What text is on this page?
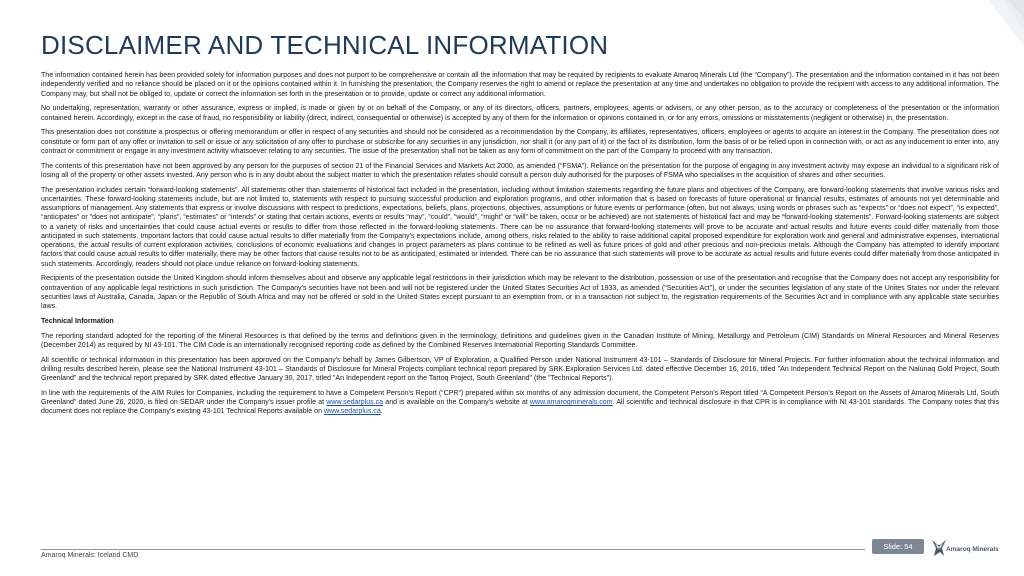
DISCLAIMER AND TECHNICAL INFORMATION

The information contained herein has been provided solely for information purposes and does not purport to be comprehensive or contain all the information that may be required by recipients to evaluate Amaroq Minerals Ltd (the “Company”). The presentation and the information contained in it has not been independently verified and no reliance should be placed on it or the opinions contained within it. In furnishing the presentation, the Company reserves the right to amend or replace the presentation at any time and undertakes no obligation to provide the recipient with access to any additional information. The Company may, but shall not be obliged to, update or correct the information set forth in the presentation or to provide, update or correct any additional information.

No undertaking, representation, warranty or other assurance, express or implied, is made or given by or on behalf of the Company, or any of its directors, officers, partners, employees, agents or advisers, or any other person, as to the accuracy or completeness of the presentation or the information contained herein. Accordingly, except in the case of fraud, no responsibility or liability (direct, indirect, consequential or otherwise) is accepted by any of them for the information or opinions contained in, or for any errors, omissions or misstatements (negligent or otherwise) in, the presentation.

This presentation does not constitute a prospectus or offering memorandum or offer in respect of any securities and should not be considered as a recommendation by the Company, its affiliates, representatives, officers, employees or agents to acquire an interest in the Company. The presentation does not constitute or form part of any offer or invitation to sell or issue or any solicitation of any offer to purchase or subscribe for any securities in any jurisdiction, nor shall it (or any part of it) or the fact of its distribution, form the basis of or be relied upon in connection with, or act as any inducement to enter into, any contract or commitment or engage in any investment activity whatsoever relating to any securities. The issue of the presentation shall not be taken as any form of commitment on the part of the Company to proceed with any transaction.

The contents of this presentation have not been approved by any person for the purposes of section 21 of the Financial Services and Markets Act 2000, as amended (“FSMA”). Reliance on the presentation for the purpose of engaging in any investment activity may expose an individual to a significant risk of losing all of the property or other assets invested. Any person who is in any doubt about the subject matter to which the presentation relates should consult a person duly authorised for the purposes of FSMA who specialises in the acquisition of shares and other securities.

The presentation includes certain “forward-looking statements”. All statements other than statements of historical fact included in the presentation, including without limitation statements regarding the future plans and objectives of the Company, are forward-looking statements that involve various risks and uncertainties. These forward-looking statements include, but are not limited to, statements with respect to pursuing successful production and exploration programs, and other information that is based on forecasts of future operational or financial results, estimates of amounts not yet determinable and assumptions of management. Any statements that express or involve discussions with respect to predictions, expectations, beliefs, plans, projections, objectives, assumptions or future events or performance (often, but not always, using words or phrases such as “expects” or “does not expect”, “is expected”, “anticipates” or “does not anticipate”, “plans”, “estimates” or “intends” or stating that certain actions, events or results “may”, “could”, “would”, “might” or “will” be taken, occur or be achieved) are not statements of historical fact and may be “forward-looking statements”. Forward-looking statements are subject to a variety of risks and uncertainties that could cause actual events or results to differ from those reflected in the forward-looking statements. There can be no assurance that forward-looking statements will prove to be accurate and actual results and future events could differ materially from those anticipated in such statements. Important factors that could cause actual results to differ materially from the Company’s expectations include, among others, risks related to the ability to raise additional capital proposed expenditure for exploration work and general and administrative expenses, international operations, the actual results of current exploration activities, conclusions of economic evaluations and changes in project parameters as plans continue to be refined as well as future prices of gold and other precious and non-precious metals. Although the Company has attempted to identify important factors that could cause actual results to differ materially, there may be other factors that cause results not to be as anticipated, estimated or intended. There can be no assurance that such statements will prove to be accurate as actual results and future events could differ materially from those anticipated in such statements. Accordingly, readers should not place undue reliance on forward-looking statements.

Recipients of the presentation outside the United Kingdom should inform themselves about and observe any applicable legal restrictions in their jurisdiction which may be relevant to the distribution, possession or use of the presentation and recognise that the Company does not accept any responsibility for contravention of any applicable legal restrictions in such jurisdiction. The Company’s securities have not been and will not be registered under the United States Securities Act of 1933, as amended ("Securities Act"), or under the securities legislation of any state of the Unites States nor under the relevant securities laws of Australia, Canada, Japan or the Republic of South Africa and may not be offered or sold in the United States except pursuant to an exemption from, or in a transaction not subject to, the registration requirements of the Securities Act and in compliance with any applicable state securities laws.

Technical Information

The reporting standard adopted for the reporting of the Mineral Resources is that defined by the terms and definitions given in the terminology, definitions and guidelines given in the Canadian Institute of Mining, Metallurgy and Petroleum (CIM) Standards on Mineral Resources and Mineral Reserves (December 2014) as required by NI 43-101. The CIM Code is an internationally recognised reporting code as defined by the Combined Reserves International Reporting Standards Committee.

All scientific or technical information in this presentation has been approved on the Company's behalf by James Gilbertson, VP of Exploration, a Qualified Person under National Instrument 43-101 – Standards of Disclosure for Mineral Projects. For further information about the technical information and drilling results described herein, please see the National Instrument 43-101 – Standards of Disclosure for Mineral Projects compliant technical report prepared by SRK Exploration Services Ltd. dated effective December 16, 2016, titled "An Independent Technical Report on the Nalunaq Gold Project, South Greenland" and the technical report prepared by SRK dated effective January 30, 2017, titled "An Independent report on the Tartoq Project, South Greenland" (the "Technical Reports").

In line with the requirements of the AIM Rules for Companies, including the requirement to have a Competent Person’s Report (“CPR”) prepared within six months of any admission document, the Competent Person’s Report titled “A Competent Person’s Report on the Assets of Amaroq Minerals Ltd, South Greenland” dated June 26, 2020, is filed on SEDAR under the Company's issuer profile at www.sedarplus.ca and is available on the Company's website at www.amaroqminerals.com. All scientific and technical disclosure in that CPR is in compliance with NI 43-101 standards. The Company notes that this document does not replace the Company’s existing 43-101 Technical Reports available on www.sedarplus.ca.

Amaroq Minerals: Iceland CMD
Slide: 54	Amaroq Minerals
